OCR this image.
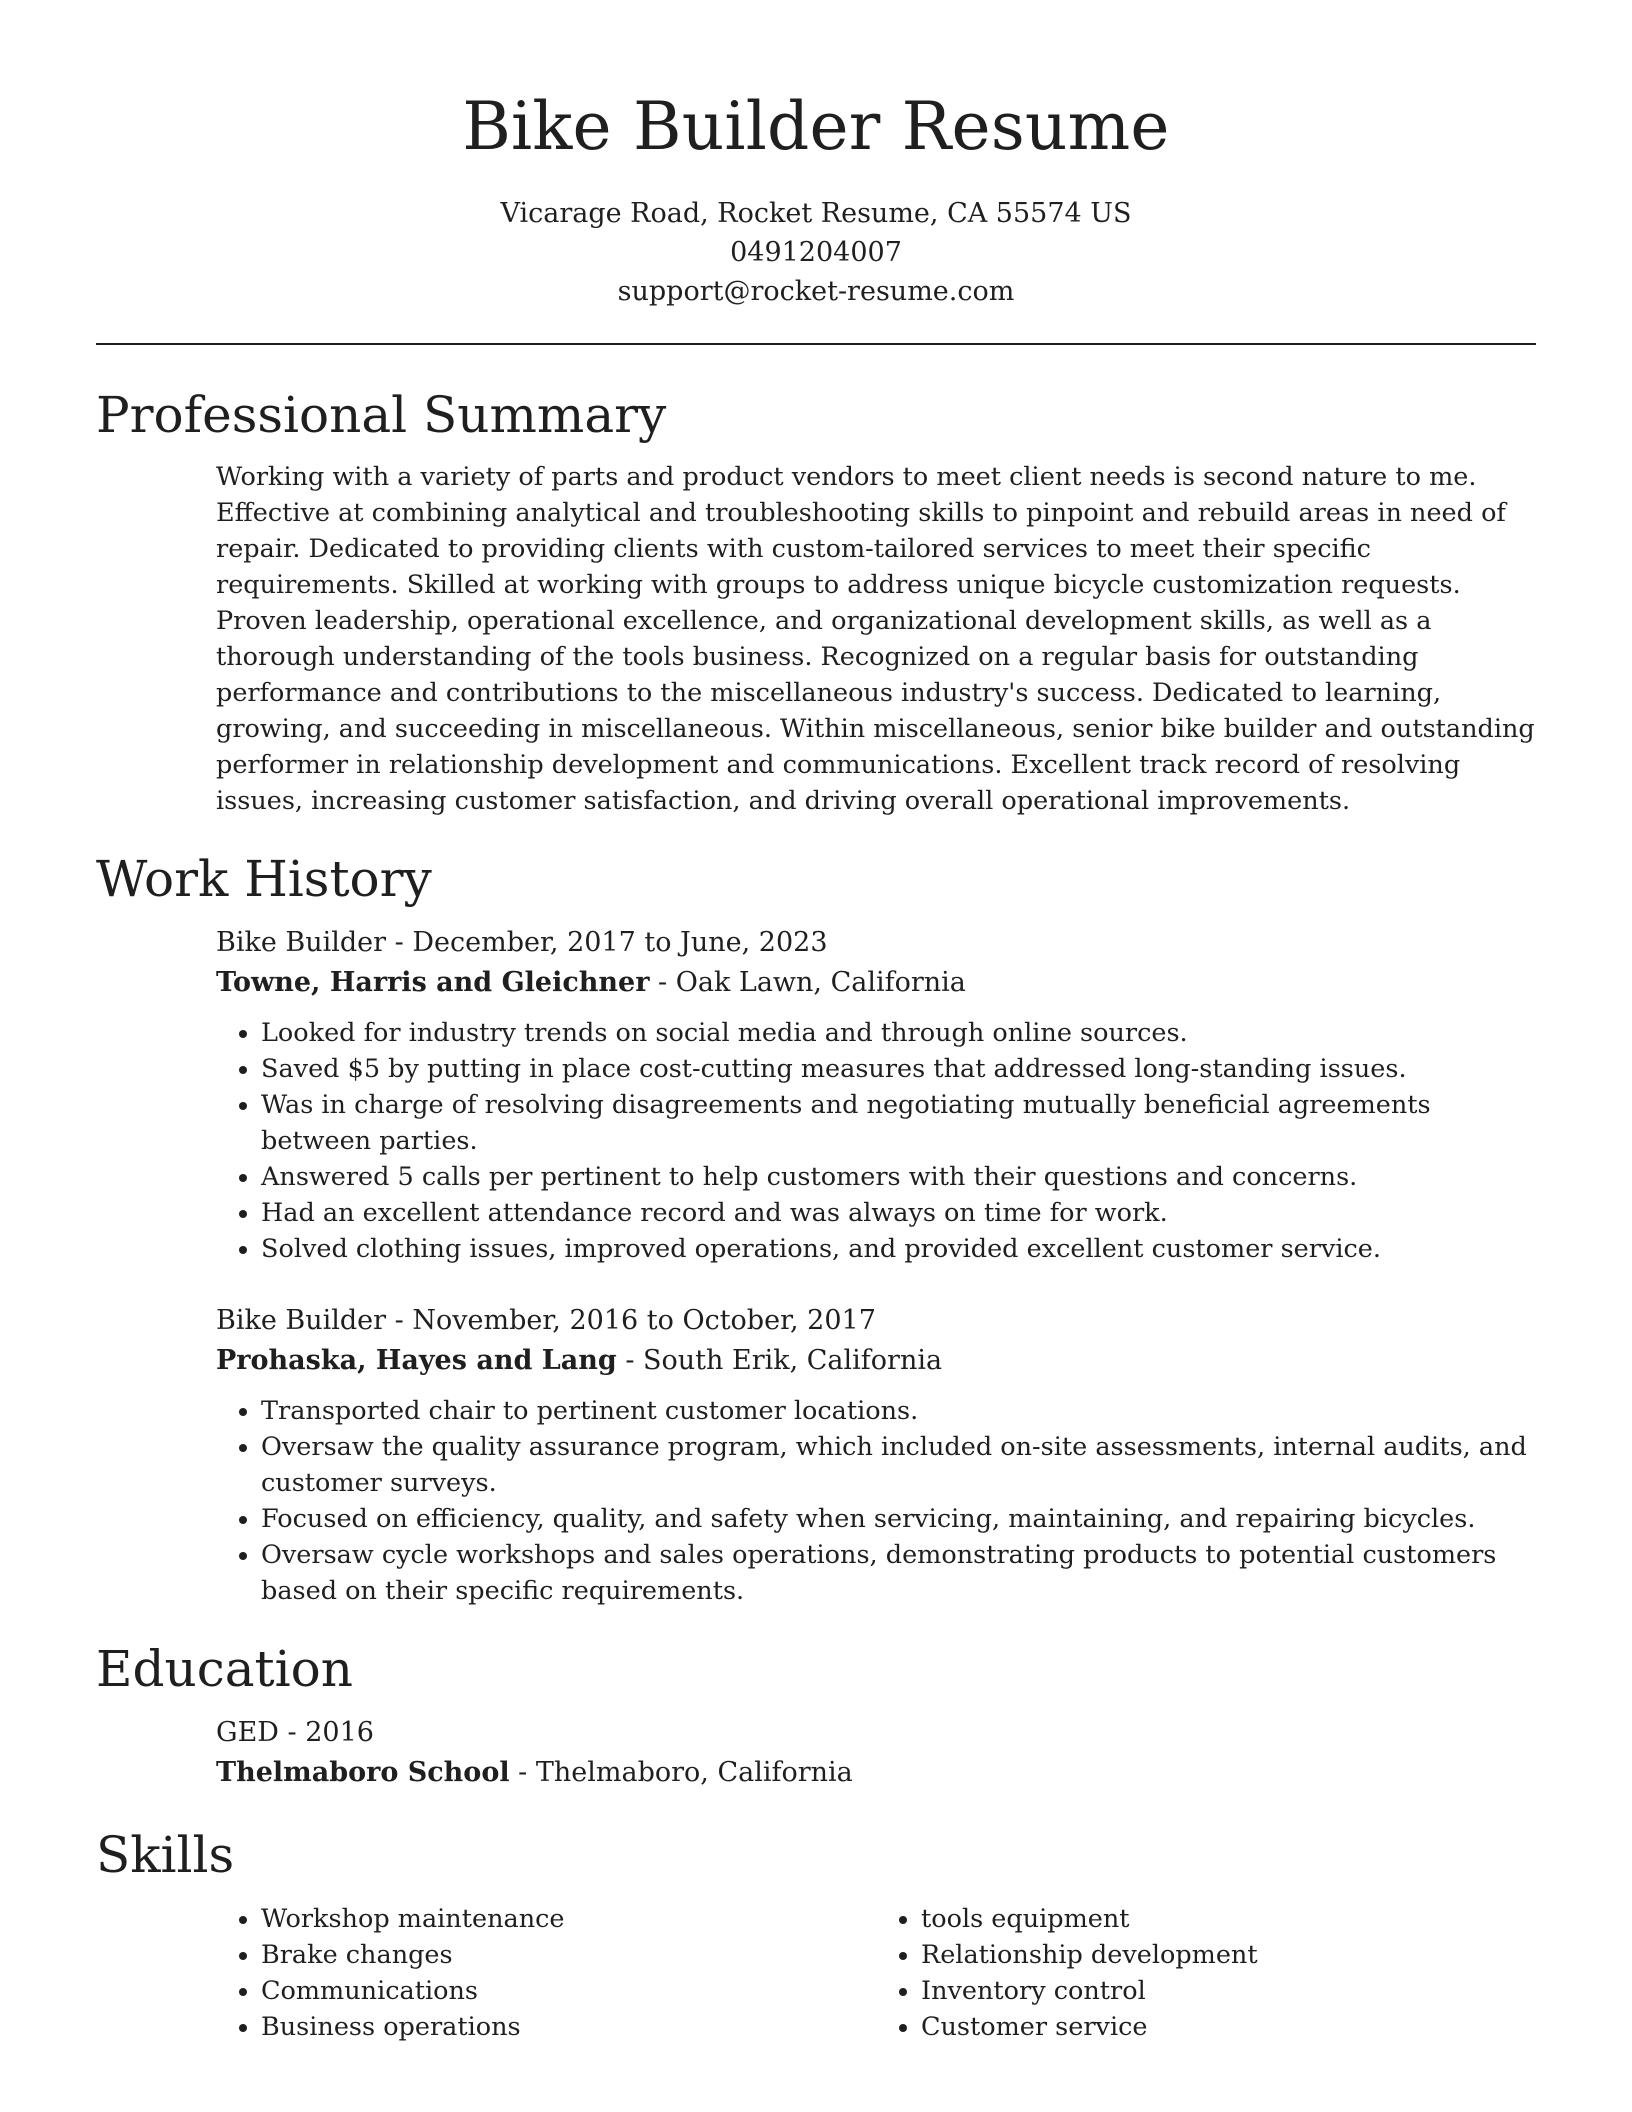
Bike Builder Resume
Vicarage Road, Rocket Resume, CA 55574 US
0491204007
support@rocket-resume.com
Professional Summary
Working with a variety of parts and product vendors to meet client needs is second nature to me. Effective at combining analytical and troubleshooting skills to pinpoint and rebuild areas in need of repair. Dedicated to providing clients with custom-tailored services to meet their specific requirements. Skilled at working with groups to address unique bicycle customization requests. Proven leadership, operational excellence, and organizational development skills, as well as a thorough understanding of the tools business. Recognized on a regular basis for outstanding performance and contributions to the miscellaneous industry's success. Dedicated to learning, growing, and succeeding in miscellaneous. Within miscellaneous, senior bike builder and outstanding performer in relationship development and communications. Excellent track record of resolving issues, increasing customer satisfaction, and driving overall operational improvements.
Work History
Bike Builder - December, 2017 to June, 2023
Towne, Harris and Gleichner - Oak Lawn, California
• Looked for industry trends on social media and through online sources.
• Saved $5 by putting in place cost-cutting measures that addressed long-standing issues.
• Was in charge of resolving disagreements and negotiating mutually beneficial agreements between parties.
• Answered 5 calls per pertinent to help customers with their questions and concerns.
• Had an excellent attendance record and was always on time for work.
• Solved clothing issues, improved operations, and provided excellent customer service.
Bike Builder - November, 2016 to October, 2017
Prohaska, Hayes and Lang - South Erik, California
• Transported chair to pertinent customer locations.
• Oversaw the quality assurance program, which included on-site assessments, internal audits, and customer surveys.
• Focused on efficiency, quality, and safety when servicing, maintaining, and repairing bicycles.
• Oversaw cycle workshops and sales operations, demonstrating products to potential customers based on their specific requirements.
Education
GED - 2016
Thelmaboro School - Thelmaboro, California
Skills
• Workshop maintenance
• Brake changes
• Communications
• Business operations
• tools equipment
• Relationship development
• Inventory control
• Customer service
